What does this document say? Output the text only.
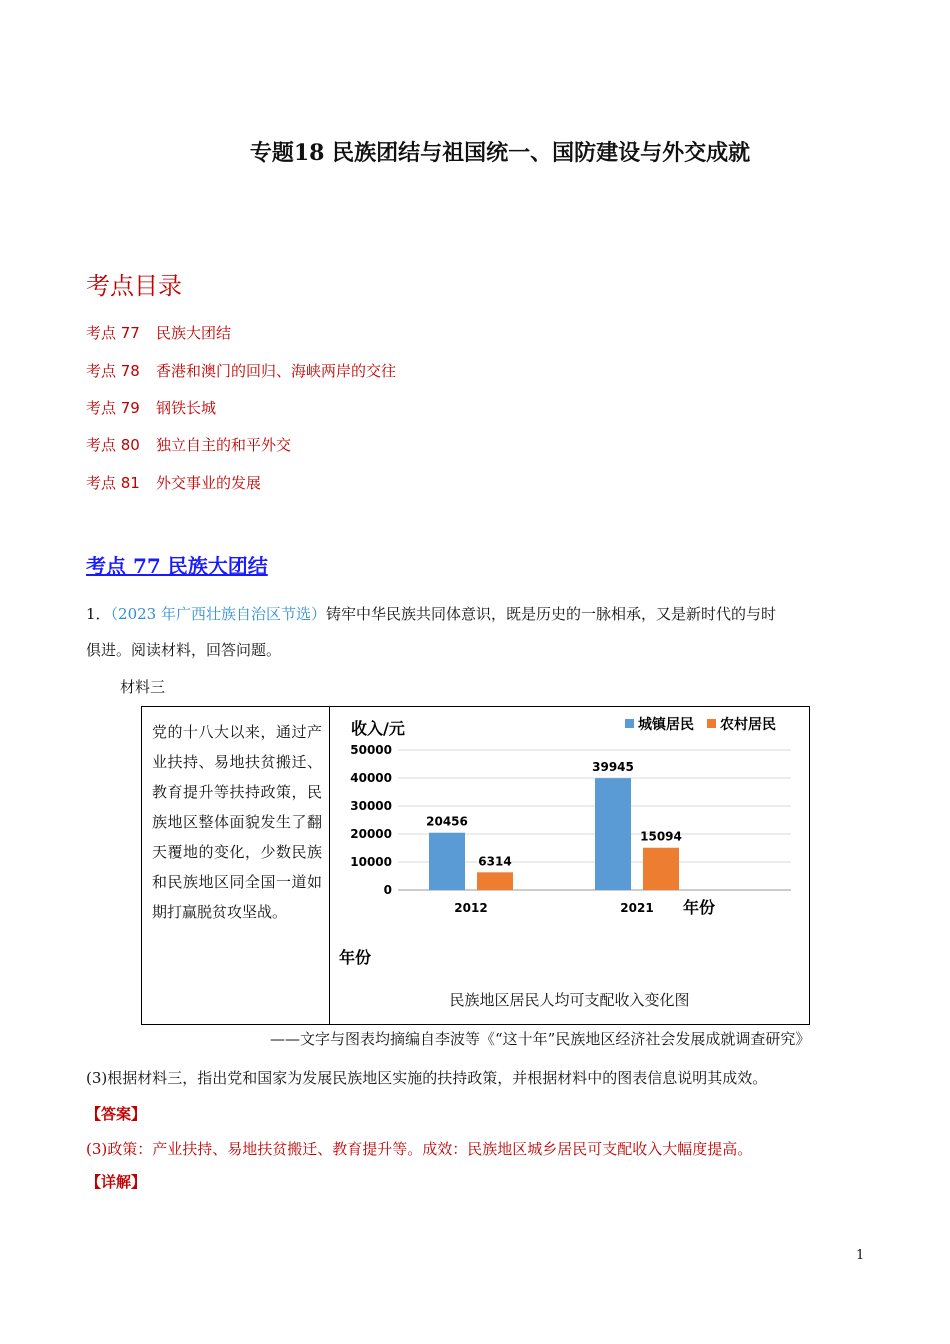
专题18 民族团结与祖国统一、国防建设与外交成就
考点目录
考点 77 民族大团结
考点 78 香港和澳门的回归、海峡两岸的交往
考点 79 钢铁长城
考点 80 独立自主的和平外交
考点 81 外交事业的发展
考点 77 民族大团结
1．（2023 年广西壮族自治区节选）铸牢中华民族共同体意识，既是历史的一脉相承，又是新时代的与时
俱进。阅读材料，回答问题。
材料三
党的十八大以来，通过产业扶持、易地扶贫搬迁、教育提升等扶持政策，民族地区整体面貌发生了翻天覆地的变化，少数民族和民族地区同全国一道如期打赢脱贫攻坚战。
收入/元	城镇居民 农村居民
0
10000
20000
30000
40000
50000
20456
6314
2012
39945
15094
2021 年份
年份
民族地区居民人均可支配收入变化图
——文字与图表均摘编自李波等《“这十年”民族地区经济社会发展成就调查研究》
(3)根据材料三，指出党和国家为发展民族地区实施的扶持政策，并根据材料中的图表信息说明其成效。
【答案】
(3)政策：产业扶持、易地扶贫搬迁、教育提升等。成效：民族地区城乡居民可支配收入大幅度提高。
【详解】
1
